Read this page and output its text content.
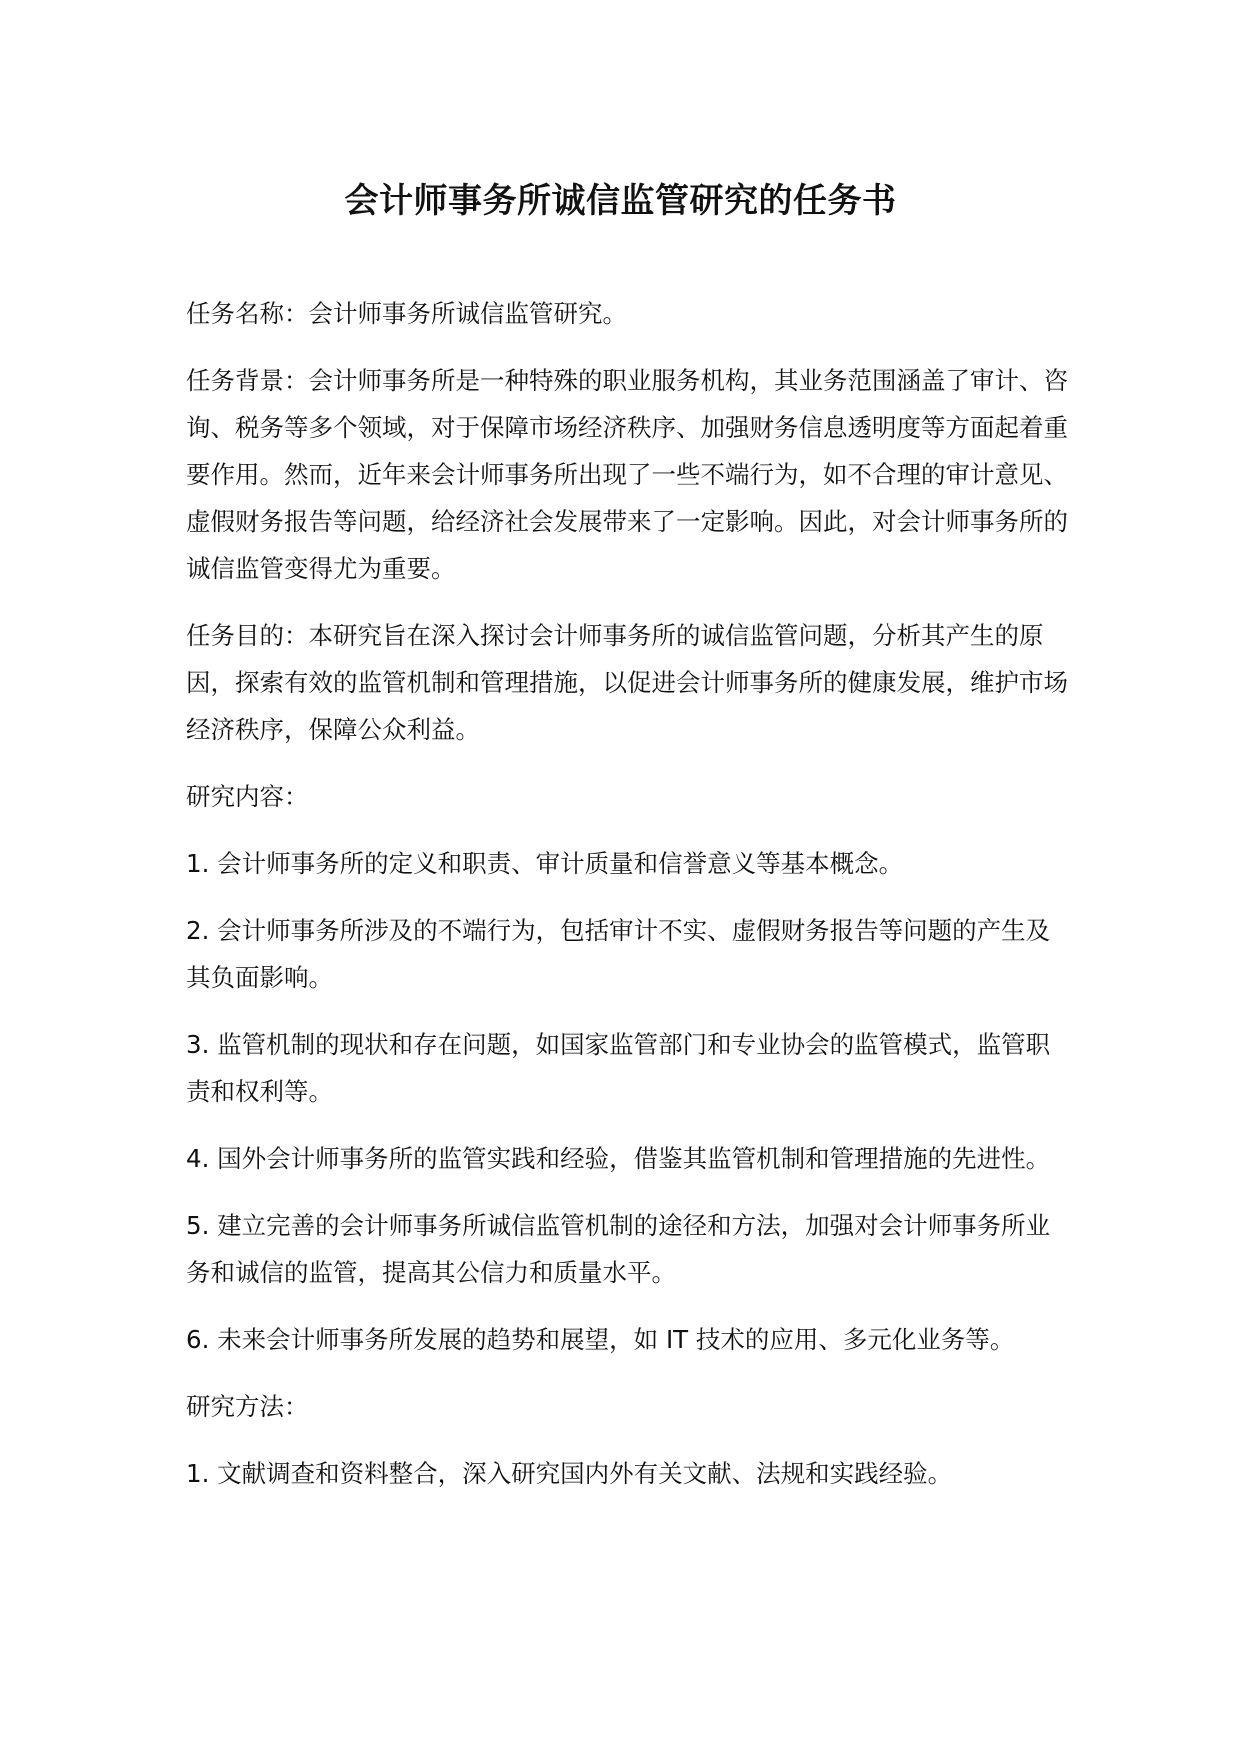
会计师事务所诚信监管研究的任务书

任务名称：会计师事务所诚信监管研究。

任务背景：会计师事务所是一种特殊的职业服务机构，其业务范围涵盖了审计、咨询、税务等多个领域，对于保障市场经济秩序、加强财务信息透明度等方面起着重要作用。然而，近年来会计师事务所出现了一些不端行为，如不合理的审计意见、虚假财务报告等问题，给经济社会发展带来了一定影响。因此，对会计师事务所的诚信监管变得尤为重要。

任务目的：本研究旨在深入探讨会计师事务所的诚信监管问题，分析其产生的原因，探索有效的监管机制和管理措施，以促进会计师事务所的健康发展，维护市场经济秩序，保障公众利益。

研究内容：

1. 会计师事务所的定义和职责、审计质量和信誉意义等基本概念。

2. 会计师事务所涉及的不端行为，包括审计不实、虚假财务报告等问题的产生及其负面影响。

3. 监管机制的现状和存在问题，如国家监管部门和专业协会的监管模式，监管职责和权利等。

4. 国外会计师事务所的监管实践和经验，借鉴其监管机制和管理措施的先进性。

5. 建立完善的会计师事务所诚信监管机制的途径和方法，加强对会计师事务所业务和诚信的监管，提高其公信力和质量水平。

6. 未来会计师事务所发展的趋势和展望，如 IT 技术的应用、多元化业务等。

研究方法：

1. 文献调查和资料整合，深入研究国内外有关文献、法规和实践经验。
